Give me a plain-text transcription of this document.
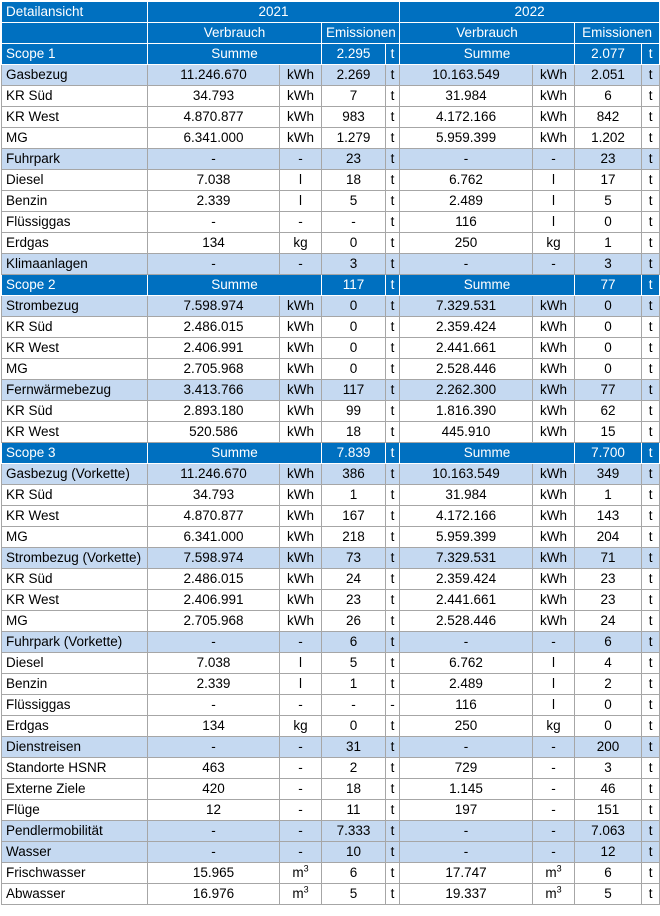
Detailansicht	2021				2022			
	Verbrauch		Emissionen		Verbrauch		Emissionen	
Scope 1	Summe		2.295	t	Summe		2.077	t
Gasbezug	11.246.670	kWh	2.269	t	10.163.549	kWh	2.051	t
KR Süd	34.793	kWh	7	t	31.984	kWh	6	t
KR West	4.870.877	kWh	983	t	4.172.166	kWh	842	t
MG	6.341.000	kWh	1.279	t	5.959.399	kWh	1.202	t
Fuhrpark	-	-	23	t	-	-	23	t
Diesel	7.038	l	18	t	6.762	l	17	t
Benzin	2.339	l	5	t	2.489	l	5	t
Flüssiggas	-	-	-	t	116	l	0	t
Erdgas	134	kg	0	t	250	kg	1	t
Klimaanlagen	-	-	3	t	-	-	3	t
Scope 2	Summe		117	t	Summe		77	t
Strombezug	7.598.974	kWh	0	t	7.329.531	kWh	0	t
KR Süd	2.486.015	kWh	0	t	2.359.424	kWh	0	t
KR West	2.406.991	kWh	0	t	2.441.661	kWh	0	t
MG	2.705.968	kWh	0	t	2.528.446	kWh	0	t
Fernwärmebezug	3.413.766	kWh	117	t	2.262.300	kWh	77	t
KR Süd	2.893.180	kWh	99	t	1.816.390	kWh	62	t
KR West	520.586	kWh	18	t	445.910	kWh	15	t
Scope 3	Summe		7.839	t	Summe		7.700	t
Gasbezug (Vorkette)	11.246.670	kWh	386	t	10.163.549	kWh	349	t
KR Süd	34.793	kWh	1	t	31.984	kWh	1	t
KR West	4.870.877	kWh	167	t	4.172.166	kWh	143	t
MG	6.341.000	kWh	218	t	5.959.399	kWh	204	t
Strombezug (Vorkette)	7.598.974	kWh	73	t	7.329.531	kWh	71	t
KR Süd	2.486.015	kWh	24	t	2.359.424	kWh	23	t
KR West	2.406.991	kWh	23	t	2.441.661	kWh	23	t
MG	2.705.968	kWh	26	t	2.528.446	kWh	24	t
Fuhrpark (Vorkette)	-	-	6	t	-	-	6	t
Diesel	7.038	l	5	t	6.762	l	4	t
Benzin	2.339	l	1	t	2.489	l	2	t
Flüssiggas	-	-	-	-	116	l	0	t
Erdgas	134	kg	0	t	250	kg	0	t
Dienstreisen	-	-	31	t	-	-	200	t
Standorte HSNR	463	-	2	t	729	-	3	t
Externe Ziele	420	-	18	t	1.145	-	46	t
Flüge	12	-	11	t	197	-	151	t
Pendlermobilität	-	-	7.333	t	-	-	7.063	t
Wasser	-	-	10	t	-	-	12	t
Frischwasser	15.965	$m^3$	6	t	17.747	$m^3$	6	t
Abwasser	16.976	$m^3$	5	t	19.337	$m^3$	5	t
